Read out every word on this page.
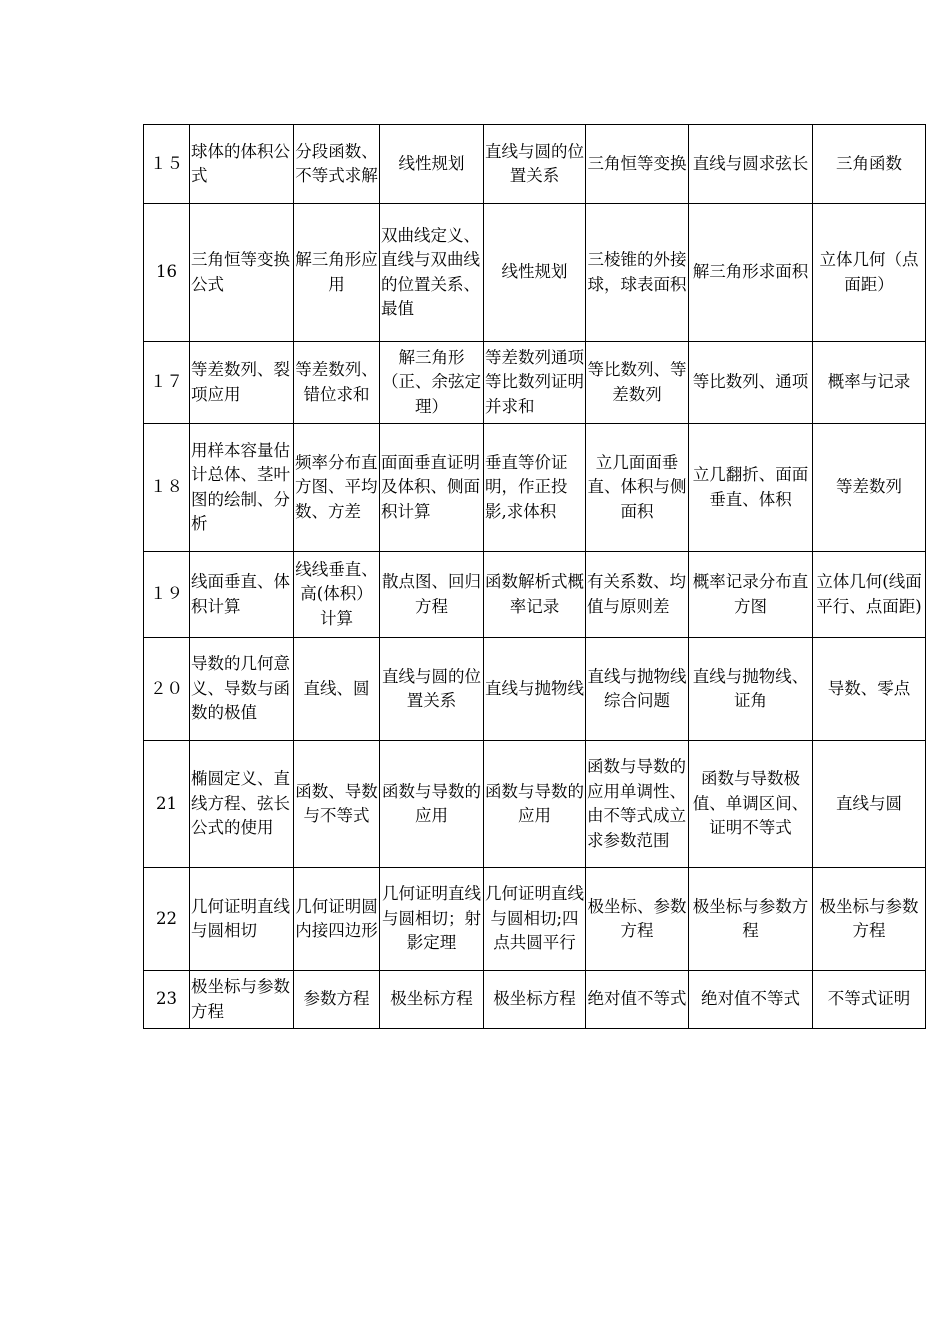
１５	球体的体积公式	分段函数、不等式求解	线性规划	直线与圆的位置关系	三角恒等变换	直线与圆求弦长	三角函数
16	三角恒等变换公式	解三角形应用	双曲线定义、直线与双曲线的位置关系、最值	线性规划	三棱锥的外接球，球表面积	解三角形求面积	立体几何（点面距）
１７	等差数列、裂项应用	等差数列、错位求和	解三角形（正、余弦定理）	等差数列通项等比数列证明并求和	等比数列、等差数列	等比数列、通项	概率与记录
１８	用样本容量估计总体、茎叶图的绘制、分析	频率分布直方图、平均数、方差	面面垂直证明及体积、侧面积计算	垂直等价证明，作正投影,求体积	立几面面垂直、体积与侧面积	立几翻折、面面垂直、体积	等差数列
１９	线面垂直、体积计算	线线垂直、高(体积）计算	散点图、回归方程	函数解析式概率记录	有关系数、均值与原则差	概率记录分布直方图	立体几何(线面平行、点面距)
２０	导数的几何意义、导数与函数的极值	直线、圆	直线与圆的位置关系	直线与抛物线	直线与抛物线综合问题	直线与抛物线、证角	导数、零点
21	椭圆定义、直线方程、弦长公式的使用	函数、导数与不等式	函数与导数的应用	函数与导数的应用	函数与导数的应用单调性、由不等式成立求参数范围	函数与导数极值、单调区间、证明不等式	直线与圆
22	几何证明直线与圆相切	几何证明圆内接四边形	几何证明直线与圆相切；射影定理	几何证明直线与圆相切;四点共圆平行	极坐标、参数方程	极坐标与参数方程	极坐标与参数方程
23	极坐标与参数方程	参数方程	极坐标方程	极坐标方程	绝对值不等式	绝对值不等式	不等式证明
